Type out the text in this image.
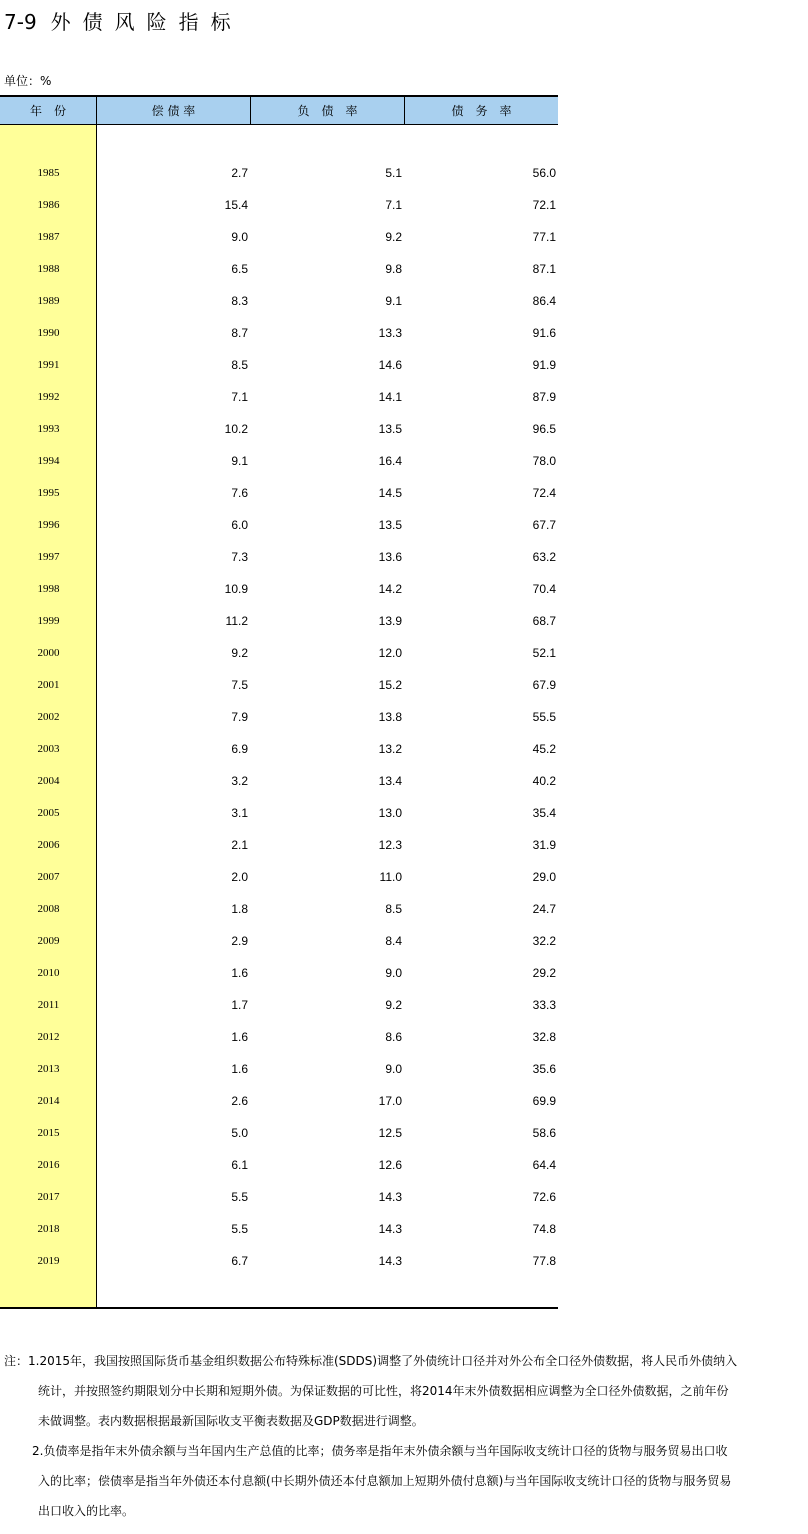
7-9 外债风险指标
单位：%
年　份	偿 债 率	负　债　率	债　务　率
1985	2.7	5.1	56.0
1986	15.4	7.1	72.1
1987	9.0	9.2	77.1
1988	6.5	9.8	87.1
1989	8.3	9.1	86.4
1990	8.7	13.3	91.6
1991	8.5	14.6	91.9
1992	7.1	14.1	87.9
1993	10.2	13.5	96.5
1994	9.1	16.4	78.0
1995	7.6	14.5	72.4
1996	6.0	13.5	67.7
1997	7.3	13.6	63.2
1998	10.9	14.2	70.4
1999	11.2	13.9	68.7
2000	9.2	12.0	52.1
2001	7.5	15.2	67.9
2002	7.9	13.8	55.5
2003	6.9	13.2	45.2
2004	3.2	13.4	40.2
2005	3.1	13.0	35.4
2006	2.1	12.3	31.9
2007	2.0	11.0	29.0
2008	1.8	8.5	24.7
2009	2.9	8.4	32.2
2010	1.6	9.0	29.2
2011	1.7	9.2	33.3
2012	1.6	8.6	32.8
2013	1.6	9.0	35.6
2014	2.6	17.0	69.9
2015	5.0	12.5	58.6
2016	6.1	12.6	64.4
2017	5.5	14.3	72.6
2018	5.5	14.3	74.8
2019	6.7	14.3	77.8
注：1.2015年，我国按照国际货币基金组织数据公布特殊标准(SDDS)调整了外债统计口径并对外公布全口径外债数据，将人民币外债纳入
统计，并按照签约期限划分中长期和短期外债。为保证数据的可比性，将2014年末外债数据相应调整为全口径外债数据，之前年份
未做调整。表内数据根据最新国际收支平衡表数据及GDP数据进行调整。
2.负债率是指年末外债余额与当年国内生产总值的比率；债务率是指年末外债余额与当年国际收支统计口径的货物与服务贸易出口收
入的比率；偿债率是指当年外债还本付息额(中长期外债还本付息额加上短期外债付息额)与当年国际收支统计口径的货物与服务贸易
出口收入的比率。
